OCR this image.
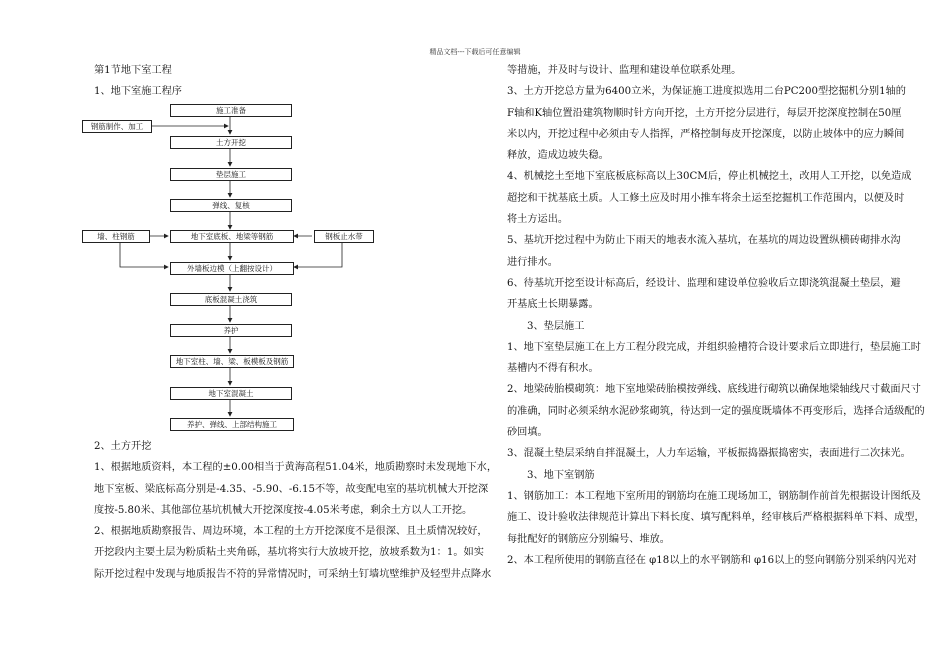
精品文档---下载后可任意编辑

第1节地下室工程

1、地下室施工程序

施工准备
钢筋制作、加工
土方开挖
垫层施工
弹线、复核
墙、柱钢筋	地下室底板、地梁等钢筋	钢板止水带
外墙板边模（上翻按设计）
底板混凝土浇筑
养护
地下室柱、墙、梁、板模板及钢筋
地下室混凝土
养护、弹线、上部结构施工

2、土方开挖

1、根据地质资料，本工程的±0.00相当于黄海高程51.04米，地质勘察时未发现地下水，

地下室板、梁底标高分别是-4.35、-5.90、-6.15不等，故变配电室的基坑机械大开挖深

度按-5.80米、其他部位基坑机械大开挖深度按-4.05米考虑，剩余土方以人工开挖。

2、根据地质勘察报告、周边环境，本工程的土方开挖深度不是很深、且土质情况较好，

开挖段内主要土层为粉质粘土夹角砾，基坑将实行大放坡开挖，放坡系数为1：1。如实

际开挖过程中发现与地质报告不符的异常情况时，可采纳土钉墙坑壁维护及轻型井点降水

等措施，并及时与设计、监理和建设单位联系处理。

3、土方开挖总方量为6400立米，为保证施工进度拟选用二台PC200型挖掘机分别1轴的

F轴和K轴位置沿建筑物顺时针方向开挖，土方开挖分层进行，每层开挖深度控制在50厘

米以内，开挖过程中必须由专人指挥，严格控制每皮开挖深度，以防止坡体中的应力瞬间

释放，造成边坡失稳。

4、机械挖土至地下室底板底标高以上30CM后，停止机械挖土，改用人工开挖，以免造成

超挖和干扰基底土质。人工修土应及时用小推车将余土运至挖掘机工作范围内，以便及时

将土方运出。

5、基坑开挖过程中为防止下雨天的地表水流入基坑，在基坑的周边设置纵横砖砌排水沟

进行排水。

6、待基坑开挖至设计标高后，经设计、监理和建设单位验收后立即浇筑混凝土垫层，避

开基底土长期暴露。

3、垫层施工

1、地下室垫层施工在上方工程分段完成，并组织验槽符合设计要求后立即进行，垫层施工时

基槽内不得有积水。

2、地梁砖胎模砌筑：地下室地梁砖胎模按弹线、底线进行砌筑以确保地梁轴线尺寸截面尺寸

的准确，同时必须采纳水泥砂浆砌筑，待达到一定的强度既墙体不再变形后，选择合适级配的

砂回填。

3、混凝土垫层采纳自拌混凝土，人力车运输，平板振捣器振捣密实，表面进行二次抹光。

3、地下室钢筋

1、钢筋加工：本工程地下室所用的钢筋均在施工现场加工，钢筋制作前首先根据设计图纸及

施工、设计验收法律规范计算出下料长度、填写配料单，经审核后严格根据料单下料、成型，

每批配好的钢筋应分别编号、堆放。

2、本工程所使用的钢筋直径在 φ18以上的水平钢筋和 φ16以上的竖向钢筋分别采纳闪光对
